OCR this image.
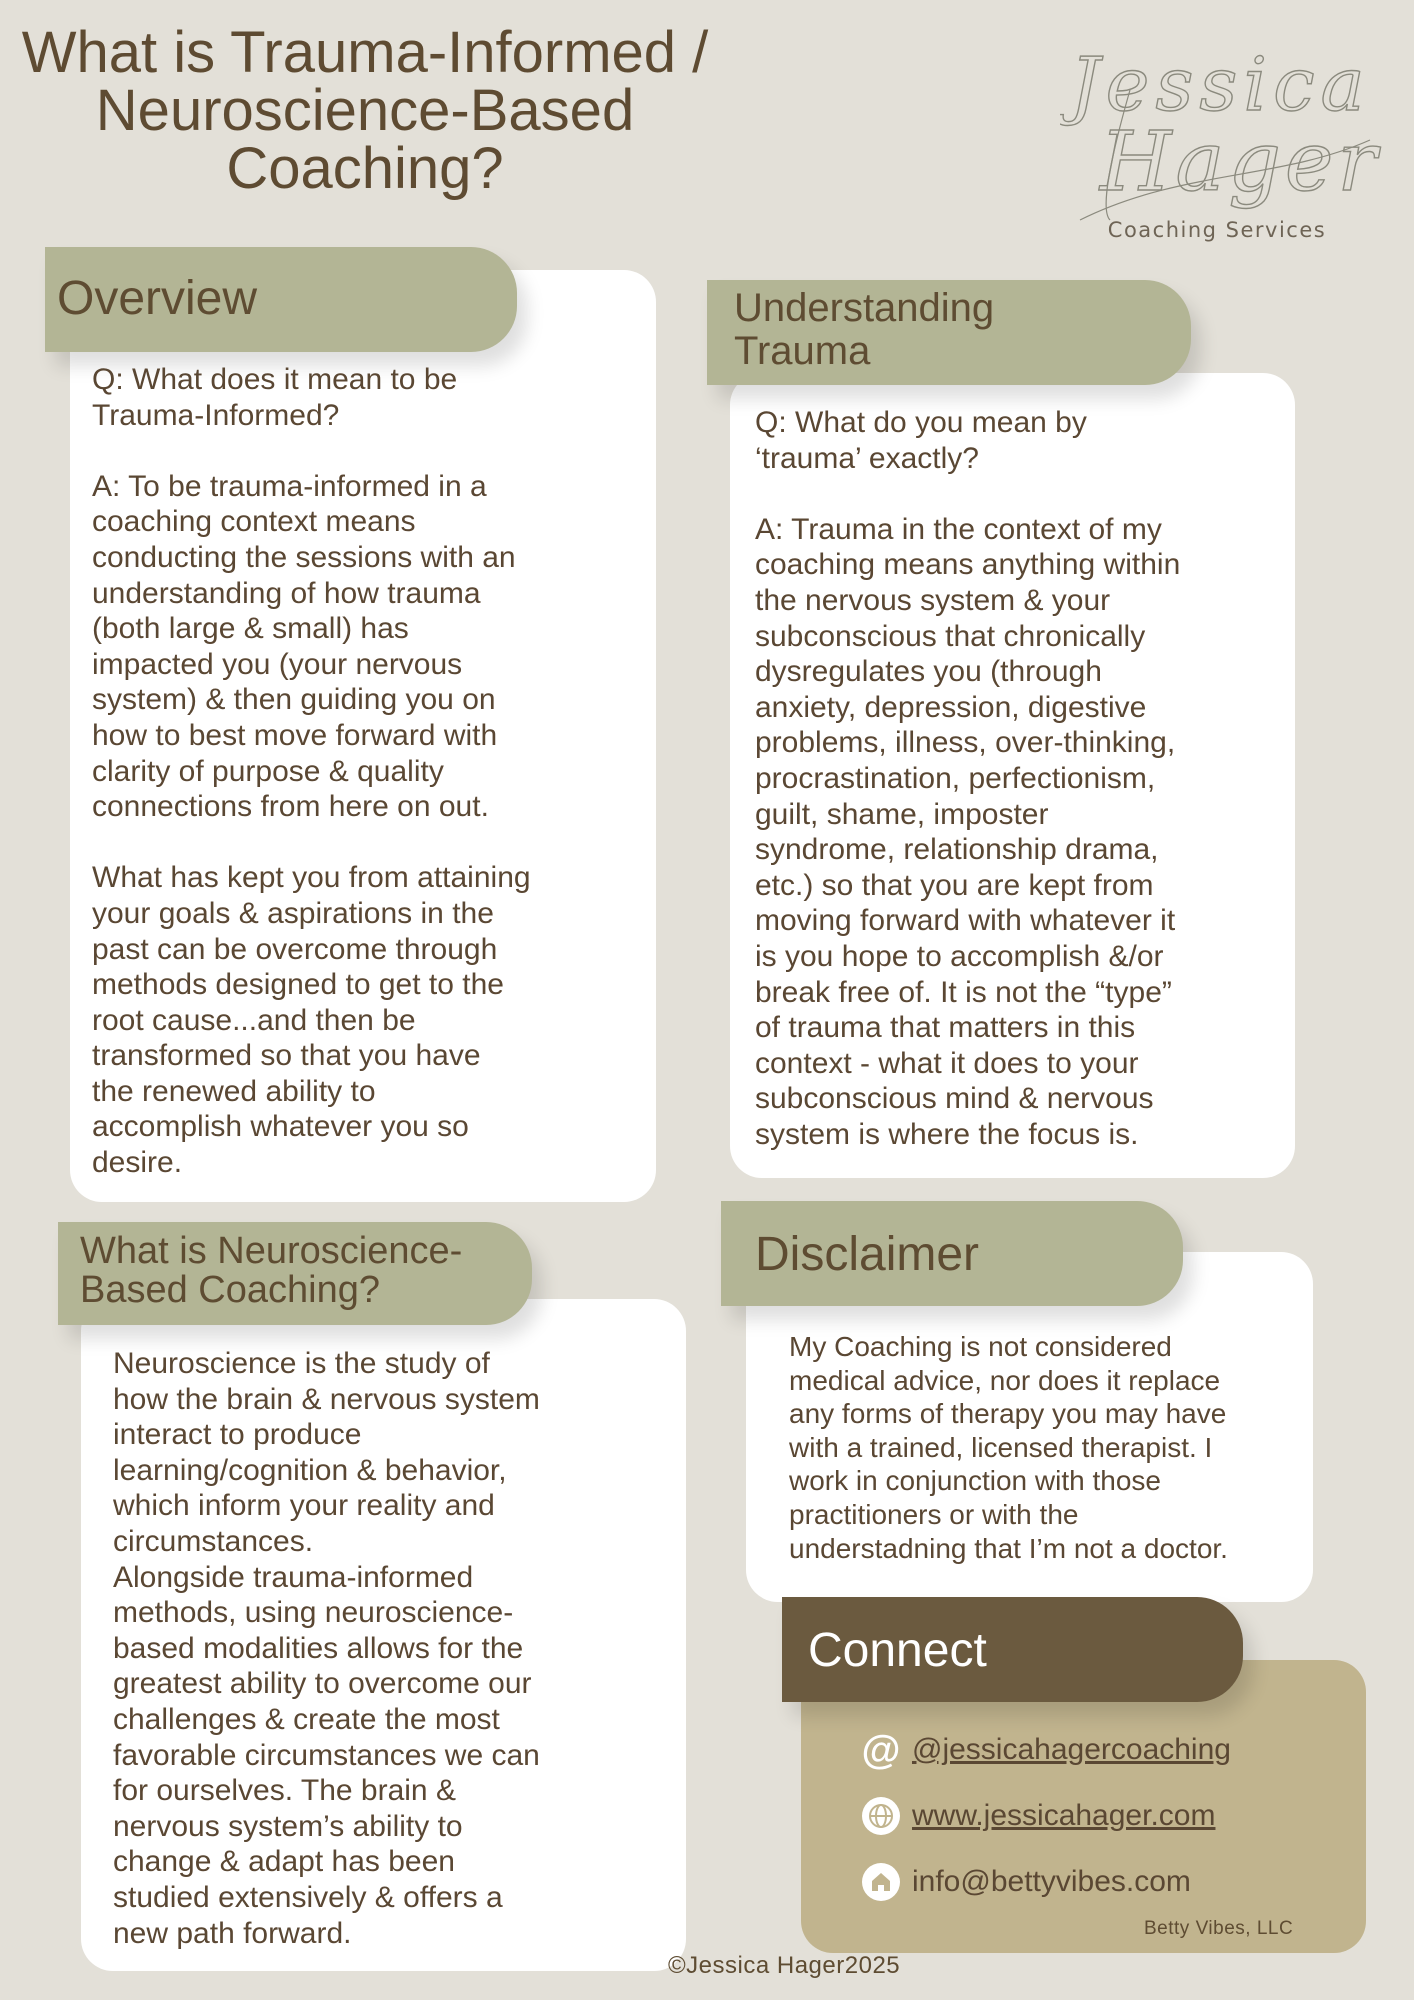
What is Trauma-Informed / Neuroscience-Based Coaching?
Jessica
Hager
Coaching Services
Overview
Q: What does it mean to be
Trauma-Informed?

A: To be trauma-informed in a
coaching context means
conducting the sessions with an
understanding of how trauma
(both large & small) has
impacted you (your nervous
system) & then guiding you on
how to best move forward with
clarity of purpose & quality
connections from here on out.

What has kept you from attaining
your goals & aspirations in the
past can be overcome through
methods designed to get to the
root cause...and then be
transformed so that you have
the renewed ability to
accomplish whatever you so
desire.
Understanding
Trauma
Q: What do you mean by
‘trauma’ exactly?

A: Trauma in the context of my
coaching means anything within
the nervous system & your
subconscious that chronically
dysregulates you (through
anxiety, depression, digestive
problems, illness, over-thinking,
procrastination, perfectionism,
guilt, shame, imposter
syndrome, relationship drama,
etc.) so that you are kept from
moving forward with whatever it
is you hope to accomplish &/or
break free of. It is not the “type”
of trauma that matters in this
context - what it does to your
subconscious mind & nervous
system is where the focus is.
What is Neuroscience-
Based Coaching?
Neuroscience is the study of
how the brain & nervous system
interact to produce
learning/cognition & behavior,
which inform your reality and
circumstances.
Alongside trauma-informed
methods, using neuroscience-
based modalities allows for the
greatest ability to overcome our
challenges & create the most
favorable circumstances we can
for ourselves. The brain &
nervous system’s ability to
change & adapt has been
studied extensively & offers a
new path forward.
Disclaimer
My Coaching is not considered
medical advice, nor does it replace
any forms of therapy you may have
with a trained, licensed therapist. I
work in conjunction with those
practitioners or with the
understadning that I’m not a doctor.
Connect
@ @jessicahagercoaching
www.jessicahager.com
info@bettyvibes.com
Betty Vibes, LLC
©Jessica Hager2025
